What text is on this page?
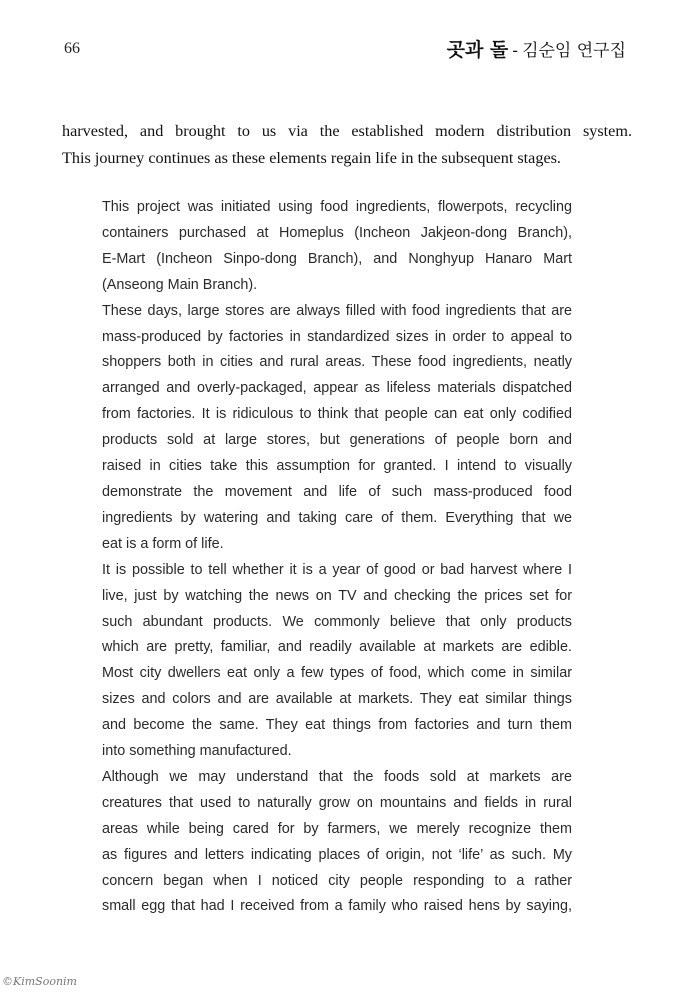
66	곳과 돌 - 김순임 연구집

harvested, and brought to us via the established modern distribution system.
This journey continues as these elements regain life in the subsequent stages.

This project was initiated using food ingredients, flowerpots, recycling
containers purchased at Homeplus (Incheon Jakjeon-dong Branch),
E-Mart (Incheon Sinpo-dong Branch), and Nonghyup Hanaro Mart
(Anseong Main Branch).
These days, large stores are always filled with food ingredients that are
mass-produced by factories in standardized sizes in order to appeal to
shoppers both in cities and rural areas. These food ingredients, neatly
arranged and overly-packaged, appear as lifeless materials dispatched
from factories. It is ridiculous to think that people can eat only codified
products sold at large stores, but generations of people born and
raised in cities take this assumption for granted. I intend to visually
demonstrate the movement and life of such mass-produced food
ingredients by watering and taking care of them. Everything that we
eat is a form of life.
It is possible to tell whether it is a year of good or bad harvest where I
live, just by watching the news on TV and checking the prices set for
such abundant products. We commonly believe that only products
which are pretty, familiar, and readily available at markets are edible.
Most city dwellers eat only a few types of food, which come in similar
sizes and colors and are available at markets. They eat similar things
and become the same. They eat things from factories and turn them
into something manufactured.
Although we may understand that the foods sold at markets are
creatures that used to naturally grow on mountains and fields in rural
areas while being cared for by farmers, we merely recognize them
as figures and letters indicating places of origin, not ‘life’ as such. My
concern began when I noticed city people responding to a rather
small egg that had I received from a family who raised hens by saying,
©KimSoonim
